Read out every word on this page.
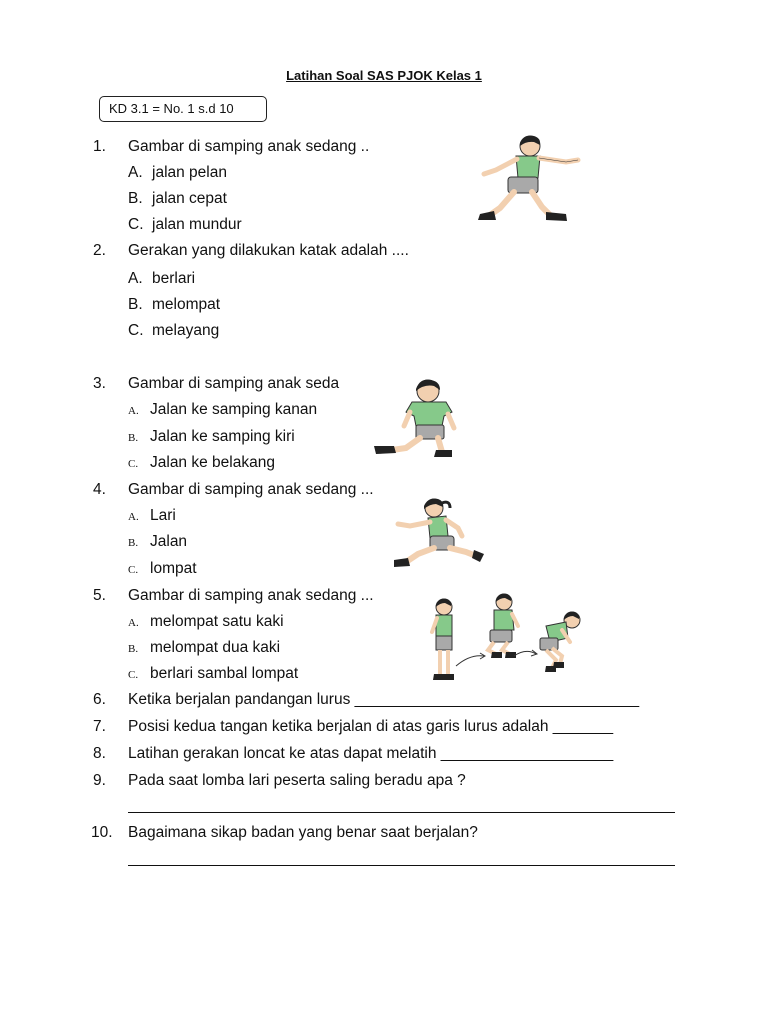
Latihan Soal SAS PJOK Kelas 1
KD 3.1 = No. 1 s.d 10
1. Gambar di samping anak sedang ..
A. jalan pelan
B. jalan cepat
C. jalan mundur
2. Gerakan yang dilakukan katak adalah ....
A. berlari
B. melompat
C. melayang
3. Gambar di samping anak seda
A. Jalan ke samping kanan
B. Jalan ke samping kiri
C. Jalan ke belakang
4. Gambar di samping anak sedang ...
A. Lari
B. Jalan
C. lompat
5. Gambar di samping anak sedang ...
A. melompat satu kaki
B. melompat dua kaki
C. berlari sambal lompat
6. Ketika berjalan pandangan lurus _________________________________
7. Posisi kedua tangan ketika berjalan di atas garis lurus adalah _______
8. Latihan gerakan loncat ke atas dapat melatih ____________________
9. Pada saat lomba lari peserta saling beradu apa ?
10. Bagaimana sikap badan yang benar saat berjalan?
